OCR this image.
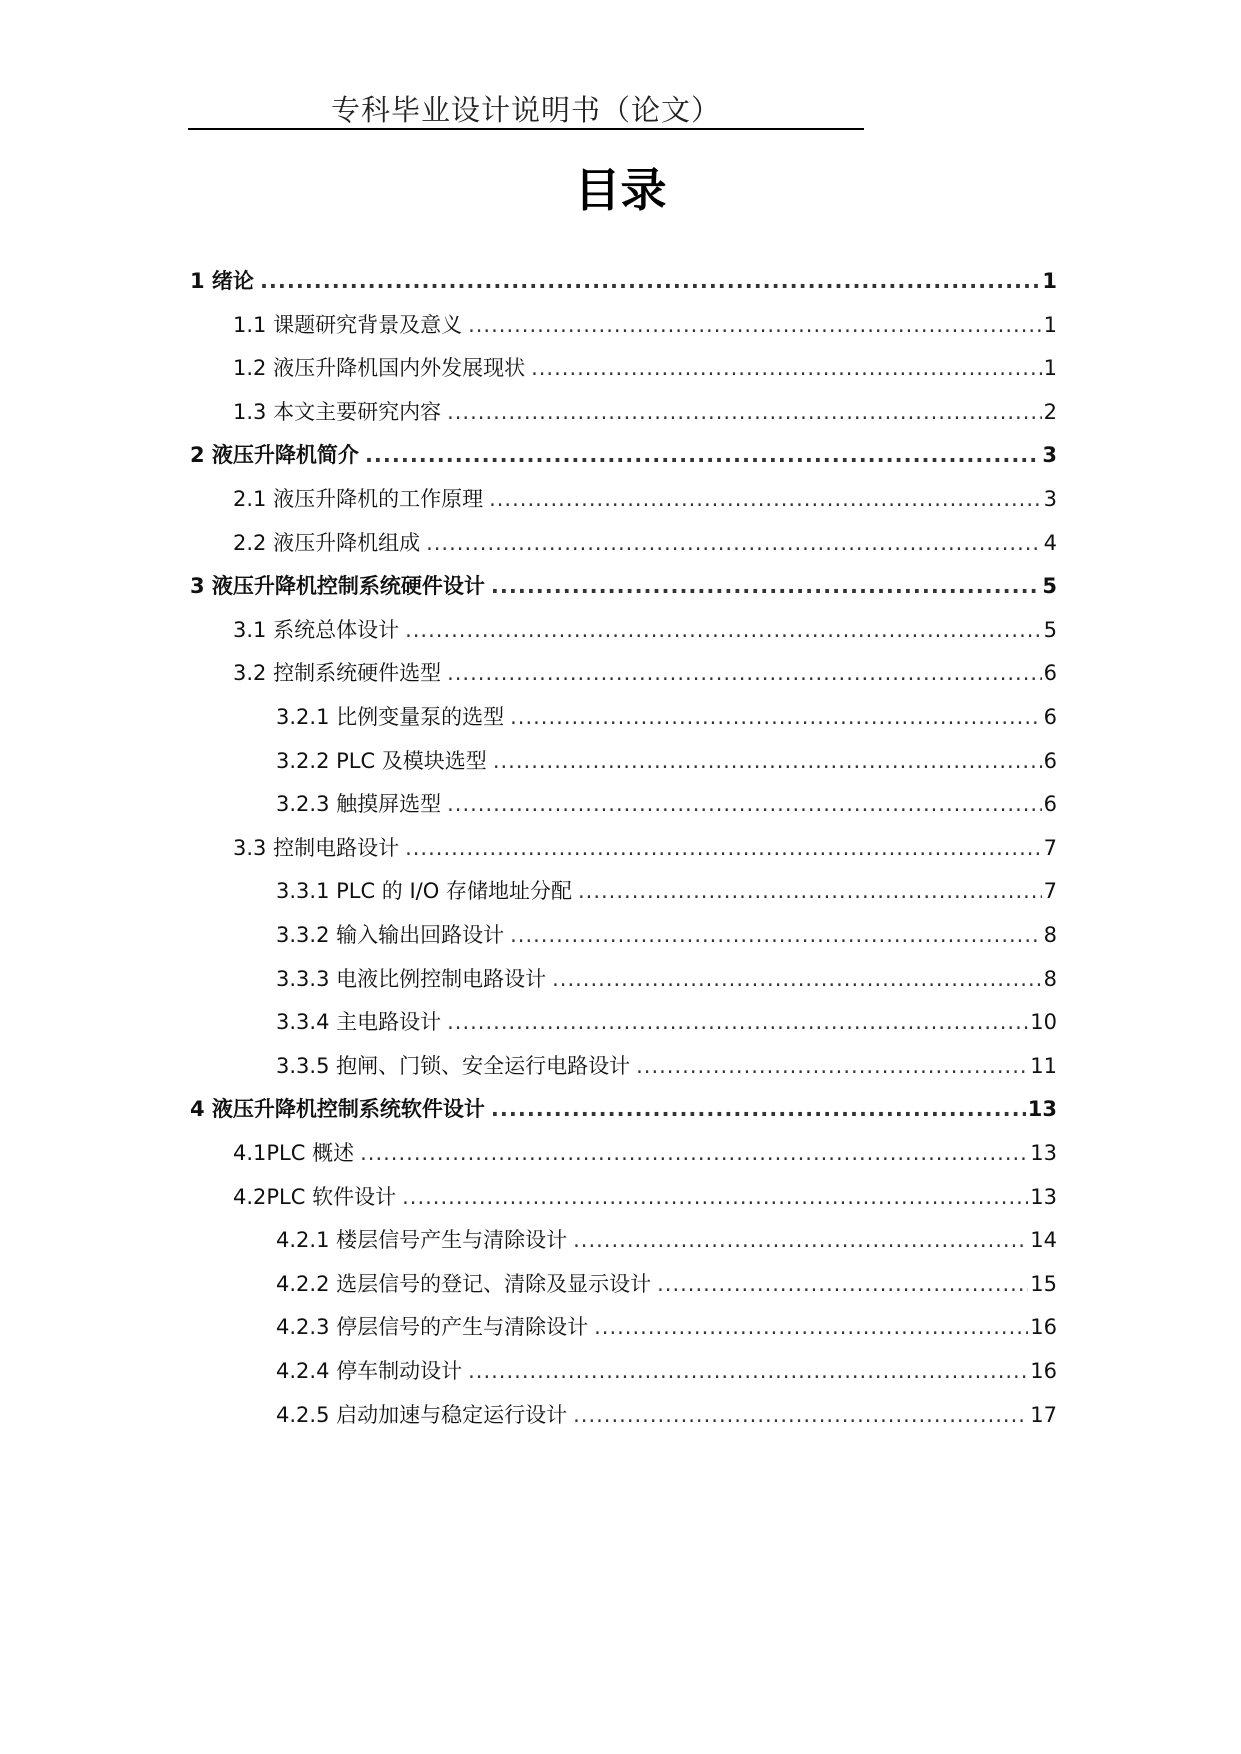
专科毕业设计说明书（论文）
目录
1 绪论 .....	1
1.1 课题研究背景及意义 .....	1
1.2 液压升降机国内外发展现状 .....	1
1.3 本文主要研究内容 .....	2
2 液压升降机简介 .....	3
2.1 液压升降机的工作原理 .....	3
2.2 液压升降机组成 .....	4
3 液压升降机控制系统硬件设计 .....	5
3.1 系统总体设计 .....	5
3.2 控制系统硬件选型 .....	6
3.2.1 比例变量泵的选型 .....	6
3.2.2 PLC 及模块选型 .....	6
3.2.3 触摸屏选型 .....	6
3.3 控制电路设计 .....	7
3.3.1 PLC 的 I/O 存储地址分配 .....	7
3.3.2 输入输出回路设计 .....	8
3.3.3 电液比例控制电路设计 .....	8
3.3.4 主电路设计 .....	10
3.3.5 抱闸、门锁、安全运行电路设计 .....	11
4 液压升降机控制系统软件设计 .....	13
4.1PLC 概述 .....	13
4.2PLC 软件设计 .....	13
4.2.1 楼层信号产生与清除设计 .....	14
4.2.2 选层信号的登记、清除及显示设计 .....	15
4.2.3 停层信号的产生与清除设计 .....	16
4.2.4 停车制动设计 .....	16
4.2.5 启动加速与稳定运行设计 .....	17
